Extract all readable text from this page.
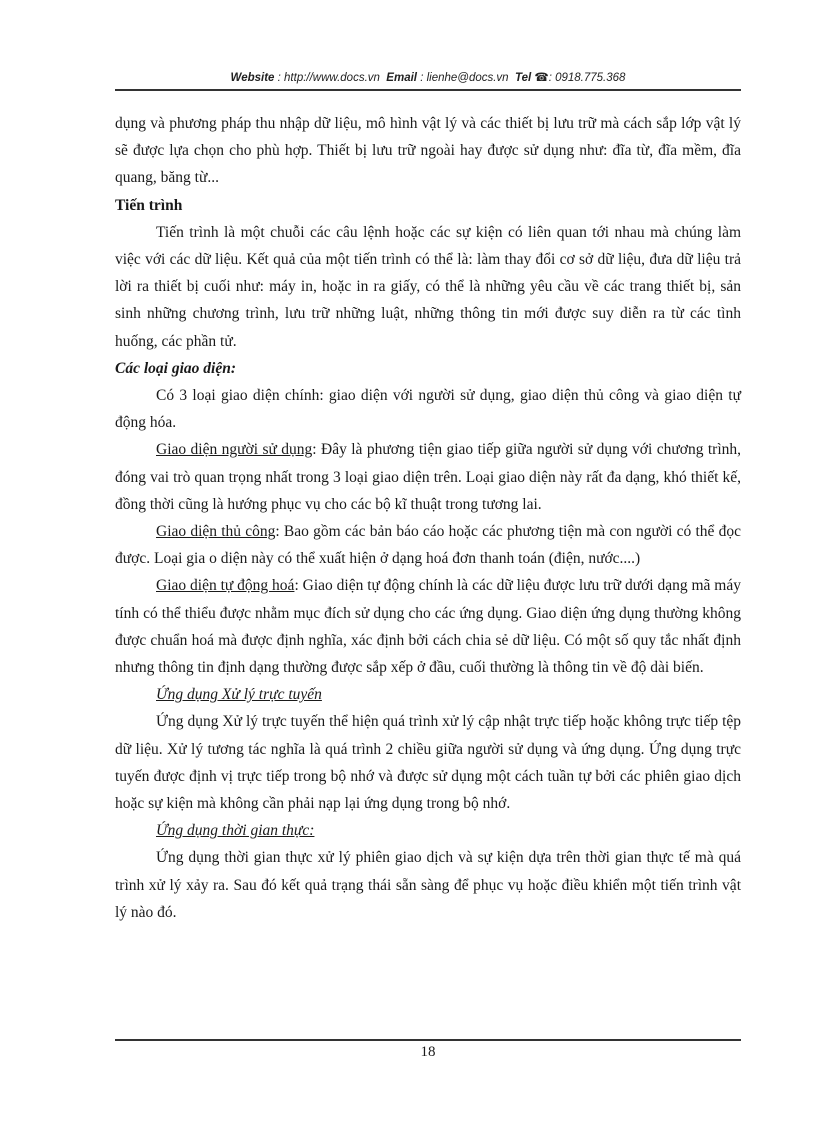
Website : http://www.docs.vn Email : lienhe@docs.vn Tel ☎: 0918.775.368

dụng và phương pháp thu nhập dữ liệu, mô hình vật lý và các thiết bị lưu trữ mà cách sắp lớp vật lý sẽ được lựa chọn cho phù hợp. Thiết bị lưu trữ ngoài hay được sử dụng như: đĩa từ, đĩa mềm, đĩa quang, băng từ...

Tiến trình

Tiến trình là một chuỗi các câu lệnh hoặc các sự kiện có liên quan tới nhau mà chúng làm việc với các dữ liệu. Kết quả của một tiến trình có thể là: làm thay đổi cơ sở dữ liệu, đưa dữ liệu trả lời ra thiết bị cuối như: máy in, hoặc in ra giấy, có thể là những yêu cầu về các trang thiết bị, sản sinh những chương trình, lưu trữ những luật, những thông tin mới được suy diễn ra từ các tình huống, các phần tử.

Các loại giao diện:

Có 3 loại giao diện chính: giao diện với người sử dụng, giao diện thủ công và giao diện tự động hóa.

Giao diện người sử dụng: Đây là phương tiện giao tiếp giữa người sử dụng với chương trình, đóng vai trò quan trọng nhất trong 3 loại giao diện trên. Loại giao diện này rất đa dạng, khó thiết kế, đồng thời cũng là hướng phục vụ cho các bộ kĩ thuật trong tương lai.

Giao diện thủ công: Bao gồm các bản báo cáo hoặc các phương tiện mà con người có thể đọc được. Loại gia o diện này có thể xuất hiện ở dạng hoá đơn thanh toán (điện, nước....)

Giao diện tự động hoá: Giao diện tự động chính là các dữ liệu được lưu trữ dưới dạng mã máy tính có thể thiểu được nhằm mục đích sử dụng cho các ứng dụng. Giao diện ứng dụng thường không được chuẩn hoá mà được định nghĩa, xác định bởi cách chia sẻ dữ liệu. Có một số quy tắc nhất định nhưng thông tin định dạng thường được sắp xếp ở đầu, cuối thường là thông tin về độ dài biến.

Ứng dụng Xử lý trực tuyến

Ứng dụng Xử lý trực tuyến thể hiện quá trình xử lý cập nhật trực tiếp hoặc không trực tiếp tệp dữ liệu. Xử lý tương tác nghĩa là quá trình 2 chiều giữa người sử dụng và ứng dụng. Ứng dụng trực tuyến được định vị trực tiếp trong bộ nhớ và được sử dụng một cách tuần tự bởi các phiên giao dịch hoặc sự kiện mà không cần phải nạp lại ứng dụng trong bộ nhớ.

Ứng dụng thời gian thực:

Ứng dụng thời gian thực xử lý phiên giao dịch và sự kiện dựa trên thời gian thực tế mà quá trình xử lý xảy ra. Sau đó kết quả trạng thái sẵn sàng để phục vụ hoặc điều khiển một tiến trình vật lý nào đó.

18
